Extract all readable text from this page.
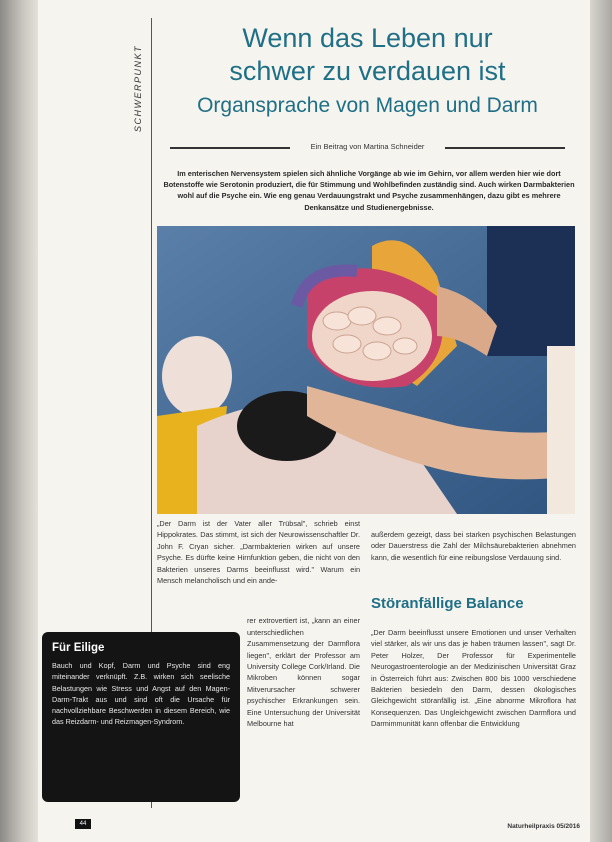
SCHWERPUNKT
Wenn das Leben nur
schwer zu verdauen ist
Organsprache von Magen und Darm
Ein Beitrag von Martina Schneider
Im enterischen Nervensystem spielen sich ähnliche Vorgänge ab wie im Gehirn, vor allem werden hier wie dort Botenstoffe wie Serotonin produziert, die für Stimmung und Wohlbefinden zuständig sind. Auch wirken Darmbakterien wohl auf die Psyche ein. Wie eng genau Verdauungstrakt und Psyche zusammenhängen, dazu gibt es mehrere Denkansätze und Studienergebnisse.

„Der Darm ist der Vater aller Trübsal", schrieb einst Hippokrates. Das stimmt, ist sich der Neurowissenschaftler Dr. John F. Cryan sicher. „Darmbakterien wirken auf unsere Psyche. Es dürfte keine Hirnfunktion geben, die nicht von den Bakterien unseres Darms beeinflusst wird." Warum ein Mensch melancholisch und ein ande-

rer extrovertiert ist, „kann an einer unterschiedlichen Zusammensetzung der Darmflora liegen", erklärt der Professor am University College Cork/Irland. Die Mikroben können sogar Mitverursacher schwerer psychischer Erkrankungen sein. Eine Untersuchung der Universität Melbourne hat

außerdem gezeigt, dass bei starken psychischen Belastungen oder Dauerstress die Zahl der Milchsäurebakterien abnehmen kann, die wesentlich für eine reibungslose Verdauung sind.

Störanfällige Balance

„Der Darm beeinflusst unsere Emotionen und unser Verhalten viel stärker, als wir uns das je haben träumen lassen", sagt Dr. Peter Holzer, Der Professor für Experimentelle Neurogastroenterologie an der Medizinischen Universität Graz in Österreich führt aus: Zwischen 800 bis 1000 verschiedene Bakterien besiedeln den Darm, dessen ökologisches Gleichgewicht störanfällig ist. „Eine abnorme Mikroflora hat Konsequenzen. Das Ungleichgewicht zwischen Darmflora und Darmimmunität kann offenbar die Entwicklung

Für Eilige

Bauch und Kopf, Darm und Psyche sind eng miteinander verknüpft. Z.B. wirken sich seelische Belastungen wie Stress und Angst auf den Magen-Darm-Trakt aus und sind oft die Ursache für nachvollziehbare Beschwerden in diesem Bereich, wie das Reizdarm- und Reizmagen-Syndrom.

44	Naturheilpraxis 05/2016
